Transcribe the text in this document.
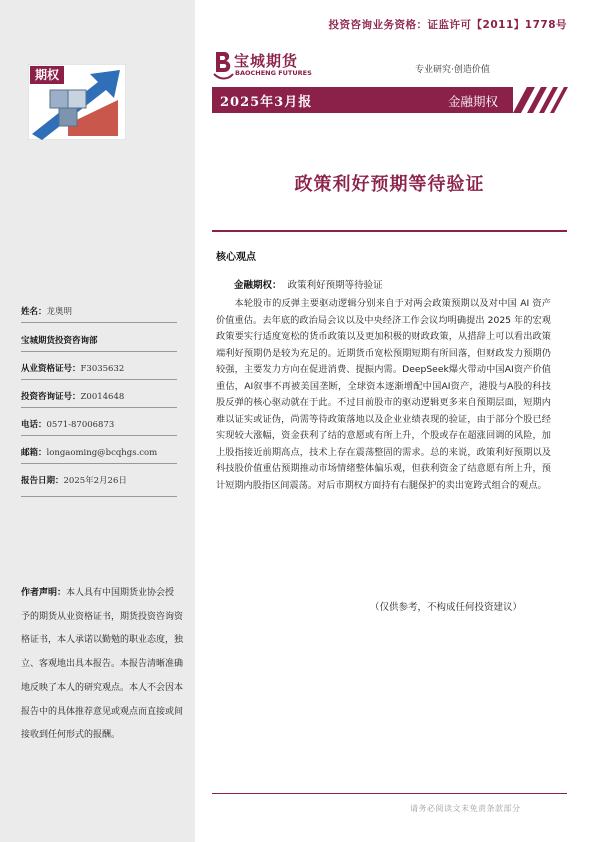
期权
姓名：龙奥明
宝城期货投资咨询部
从业资格证号：F3035632
投资咨询证号：Z0014648
电话：0571-87006873
邮箱：longaoming@bcqhgs.com
报告日期：2025年2月26日
作者声明：本人具有中国期货业协会授予的期货从业资格证书，期货投资咨询资格证书，本人承诺以勤勉的职业态度，独立、客观地出具本报告。本报告清晰准确地反映了本人的研究观点。本人不会因本报告中的具体推荐意见或观点而直接或间接收到任何形式的报酬。
投资咨询业务资格：证监许可【2011】1778号
宝城期货
BAOCHENG FUTURES	专业研究·创造价值
2025年3月报	金融期权
政策利好预期等待验证
核心观点
金融期权： 政策利好预期等待验证
本轮股市的反弹主要驱动逻辑分别来自于对两会政策预期以及对中国 AI 资产价值重估。去年底的政治局会议以及中央经济工作会议均明确提出 2025 年的宏观政策要实行适度宽松的货币政策以及更加积极的财政政策，从措辞上可以看出政策端利好预期仍是较为充足的。近期货币宽松预期短期有所回落，但财政发力预期仍较强，主要发力方向在促进消费、提振内需。DeepSeek爆火带动中国AI资产价值重估，AI叙事不再被美国垄断，全球资本逐渐增配中国AI资产，港股与A股的科技股反弹的核心驱动就在于此。不过目前股市的驱动逻辑更多来自预期层面，短期内难以证实或证伪，尚需等待政策落地以及企业业绩表现的验证，由于部分个股已经实现较大涨幅，资金获利了结的意愿或有所上升，个股或存在超涨回调的风险，加上股指接近前期高点，技术上存在震荡整固的需求。总的来说，政策利好预期以及科技股价值重估预期推动市场情绪整体偏乐观，但获利资金了结意愿有所上升，预计短期内股指区间震荡。对后市期权方面持有右腿保护的卖出宽跨式组合的观点。
（仅供参考，不构成任何投资建议）
请务必阅读文末免责条款部分
